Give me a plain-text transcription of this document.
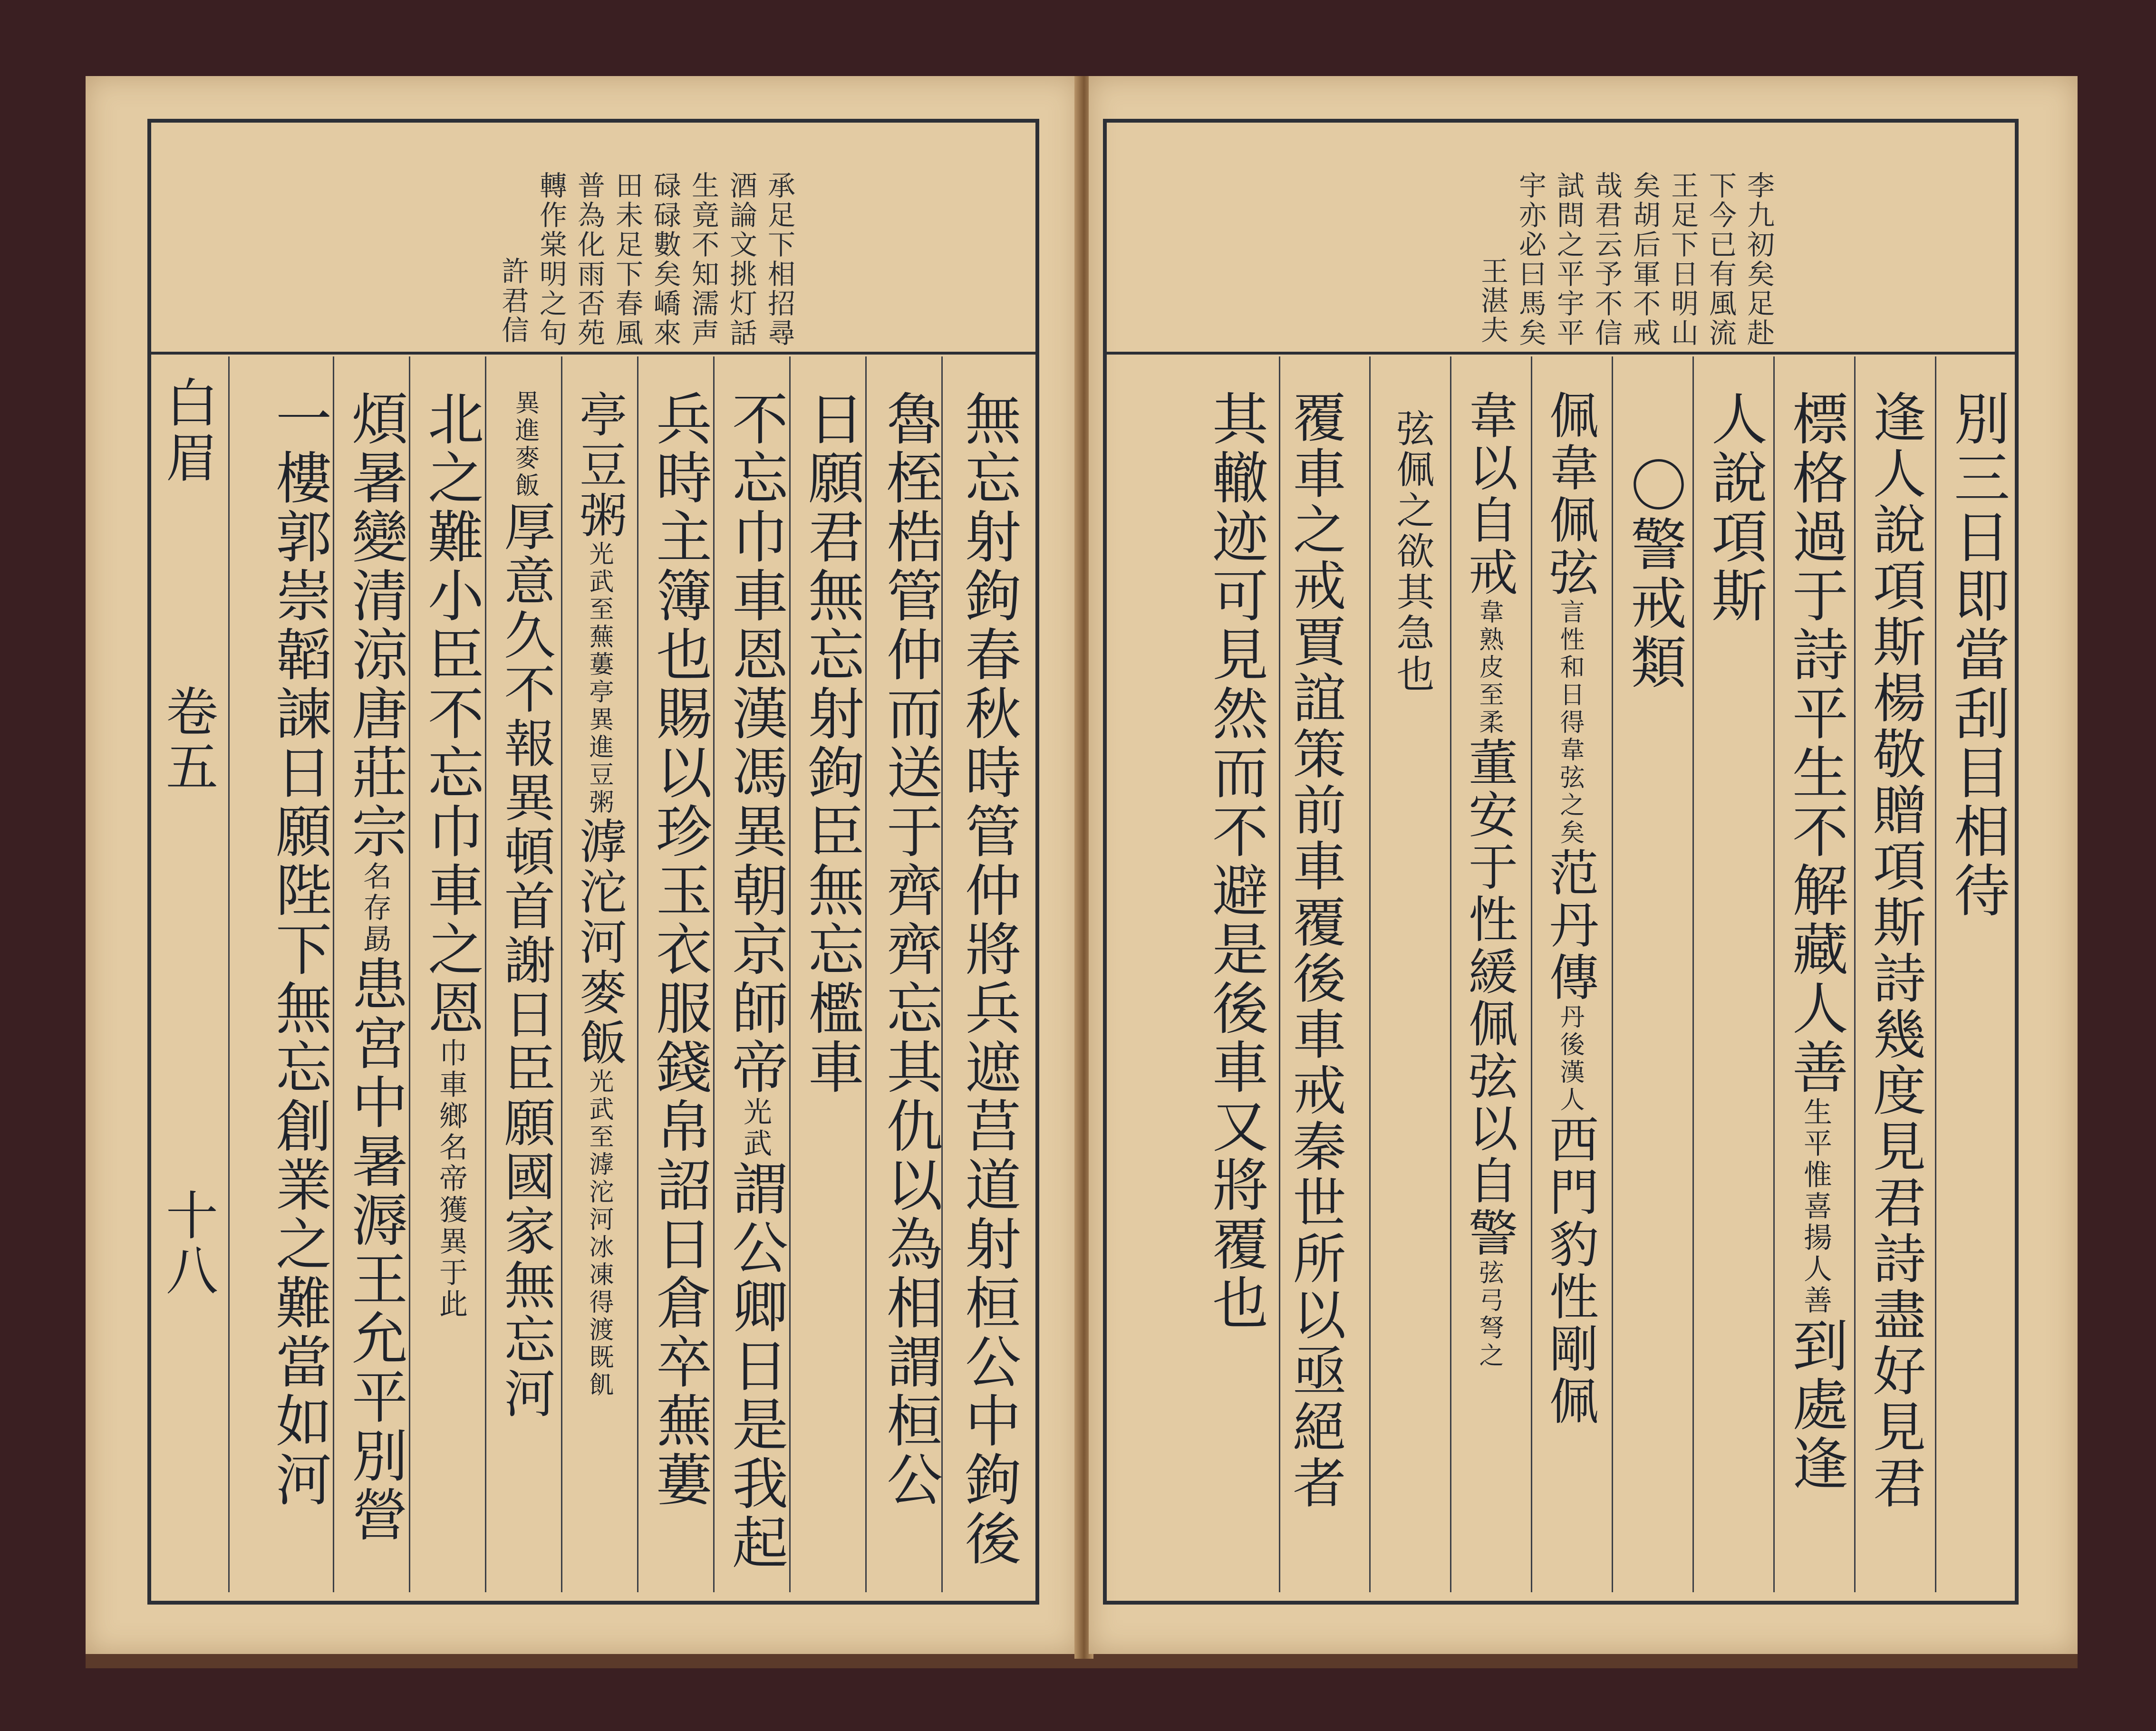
承足下相招尋
酒論文挑灯話
生竟不知濡声
碌碌數矣嶠來
田未足下春風
普為化雨否苑
轉作棠明之句
許君信
白眉
卷五
十八	無忘射鉤春秋時管仲將兵遮莒道射桓公中鉤後
魯桎梏管仲而送于齊齊忘其仇以為相謂桓公
日願君無忘射鉤臣無忘檻車
不忘巾車恩漢馮異朝京師帝光武謂公卿日是我起
兵時主簿也賜以珍玉衣服錢帛詔日倉卒蕪蔞
亭豆粥光武至蕪蔞亭異進豆粥滹沱河麥飯光武至滹沱河冰凍得渡既飢
異進麥飯厚意久不報異頓首謝日臣願國家無忘河
北之難小臣不忘巾車之恩巾車鄉名帝獲異于此
煩暑變清涼唐莊宗名存勗患宮中暑溽王允平別營
一樓郭崇韜諫日願陛下無忘創業之難當如河
李九初矣足赴
下今已有風流
王足下日明山
矣胡后軍不戒
哉君云予不信
試問之平宇平
宇亦必曰馬矣
王湛夫
別三日即當刮目相待
逢人說項斯楊敬贈項斯詩幾度見君詩盡好見君
標格過于詩平生不解藏人善生平惟喜揚人善到處逢
人說項斯
〇警戒類
佩韋佩弦言性和日得韋弦之矣范丹傳丹後漢人西門豹性剛佩
韋以自戒韋熟皮至柔董安于性緩佩弦以自警弦弓弩之
弦佩之欲其急也
覆車之戒賈誼策前車覆後車戒秦世所以亟絕者
其轍迹可見然而不避是後車又將覆也
